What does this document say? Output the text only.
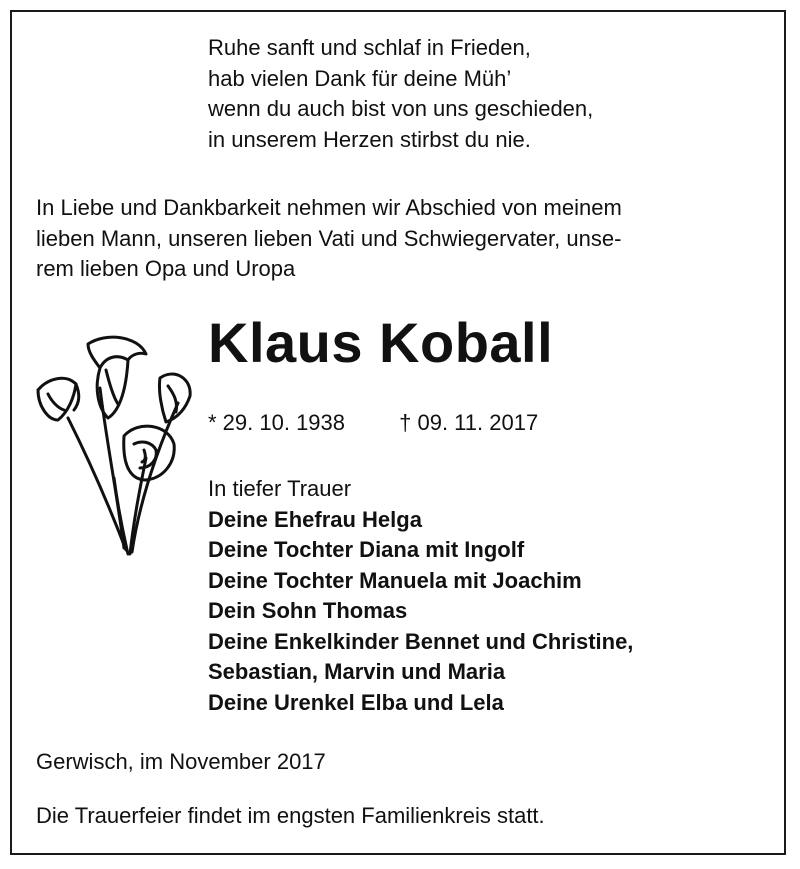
Ruhe sanft und schlaf in Frieden,
hab vielen Dank für deine Müh’
wenn du auch bist von uns geschieden,
in unserem Herzen stirbst du nie.
In Liebe und Dankbarkeit nehmen wir Abschied von meinem
lieben Mann, unseren lieben Vati und Schwiegervater, unse-
rem lieben Opa und Uropa
Klaus Koball
* 29. 10. 1938 † 09. 11. 2017
In tiefer Trauer
Deine Ehefrau Helga
Deine Tochter Diana mit Ingolf
Deine Tochter Manuela mit Joachim
Dein Sohn Thomas
Deine Enkelkinder Bennet und Christine,
Sebastian, Marvin und Maria
Deine Urenkel Elba und Lela
Gerwisch, im November 2017
Die Trauerfeier findet im engsten Familienkreis statt.
